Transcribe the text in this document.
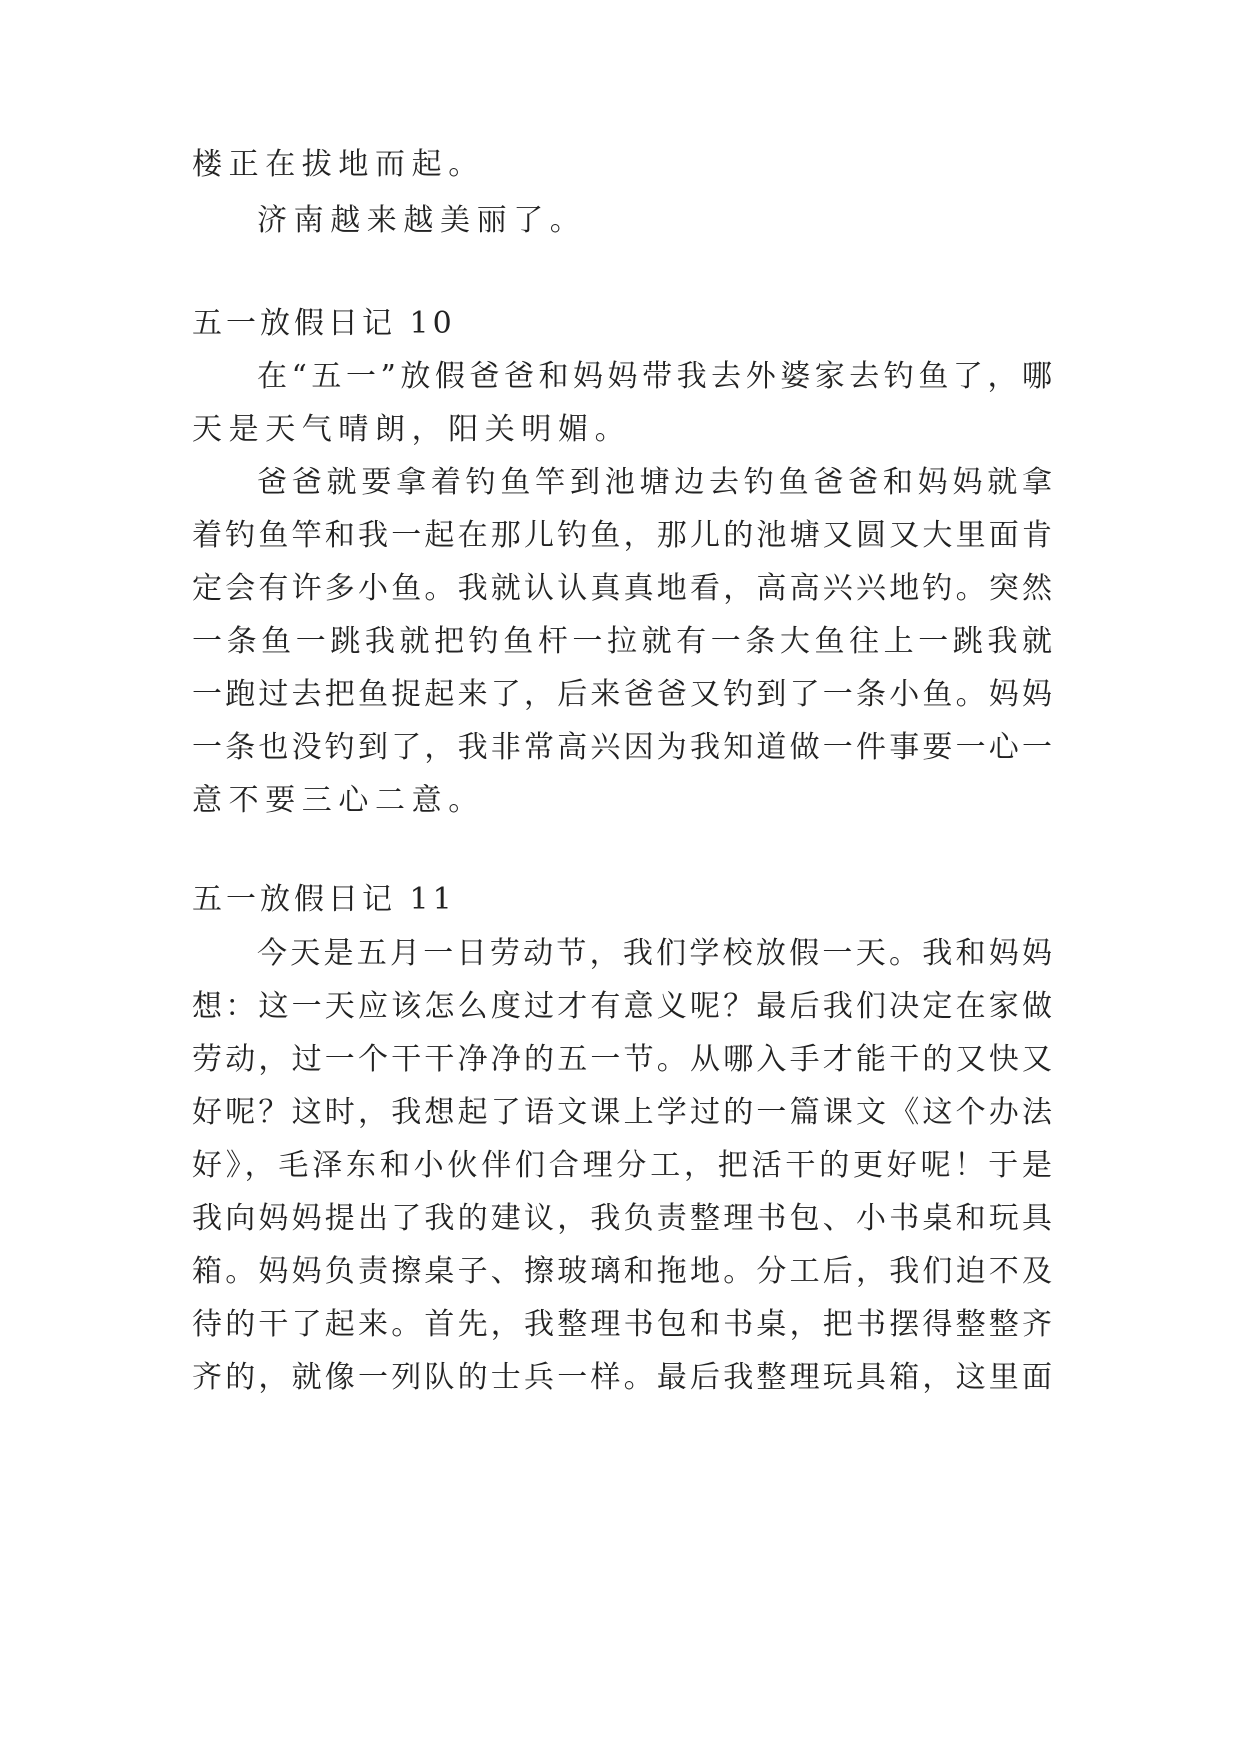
楼正在拔地而起。
济南越来越美丽了。
五一放假日记 10
在“五一”放假爸爸和妈妈带我去外婆家去钓鱼了，哪
天是天气晴朗，阳关明媚。
爸爸就要拿着钓鱼竿到池塘边去钓鱼爸爸和妈妈就拿
着钓鱼竿和我一起在那儿钓鱼，那儿的池塘又圆又大里面肯
定会有许多小鱼。我就认认真真地看，高高兴兴地钓。突然
一条鱼一跳我就把钓鱼杆一拉就有一条大鱼往上一跳我就
一跑过去把鱼捉起来了，后来爸爸又钓到了一条小鱼。妈妈
一条也没钓到了，我非常高兴因为我知道做一件事要一心一
意不要三心二意。
五一放假日记 11
今天是五月一日劳动节，我们学校放假一天。我和妈妈
想：这一天应该怎么度过才有意义呢？最后我们决定在家做
劳动，过一个干干净净的五一节。从哪入手才能干的又快又
好呢？这时，我想起了语文课上学过的一篇课文《这个办法
好》，毛泽东和小伙伴们合理分工，把活干的更好呢！于是
我向妈妈提出了我的建议，我负责整理书包、小书桌和玩具
箱。妈妈负责擦桌子、擦玻璃和拖地。分工后，我们迫不及
待的干了起来。首先，我整理书包和书桌，把书摆得整整齐
齐的，就像一列队的士兵一样。最后我整理玩具箱，这里面
